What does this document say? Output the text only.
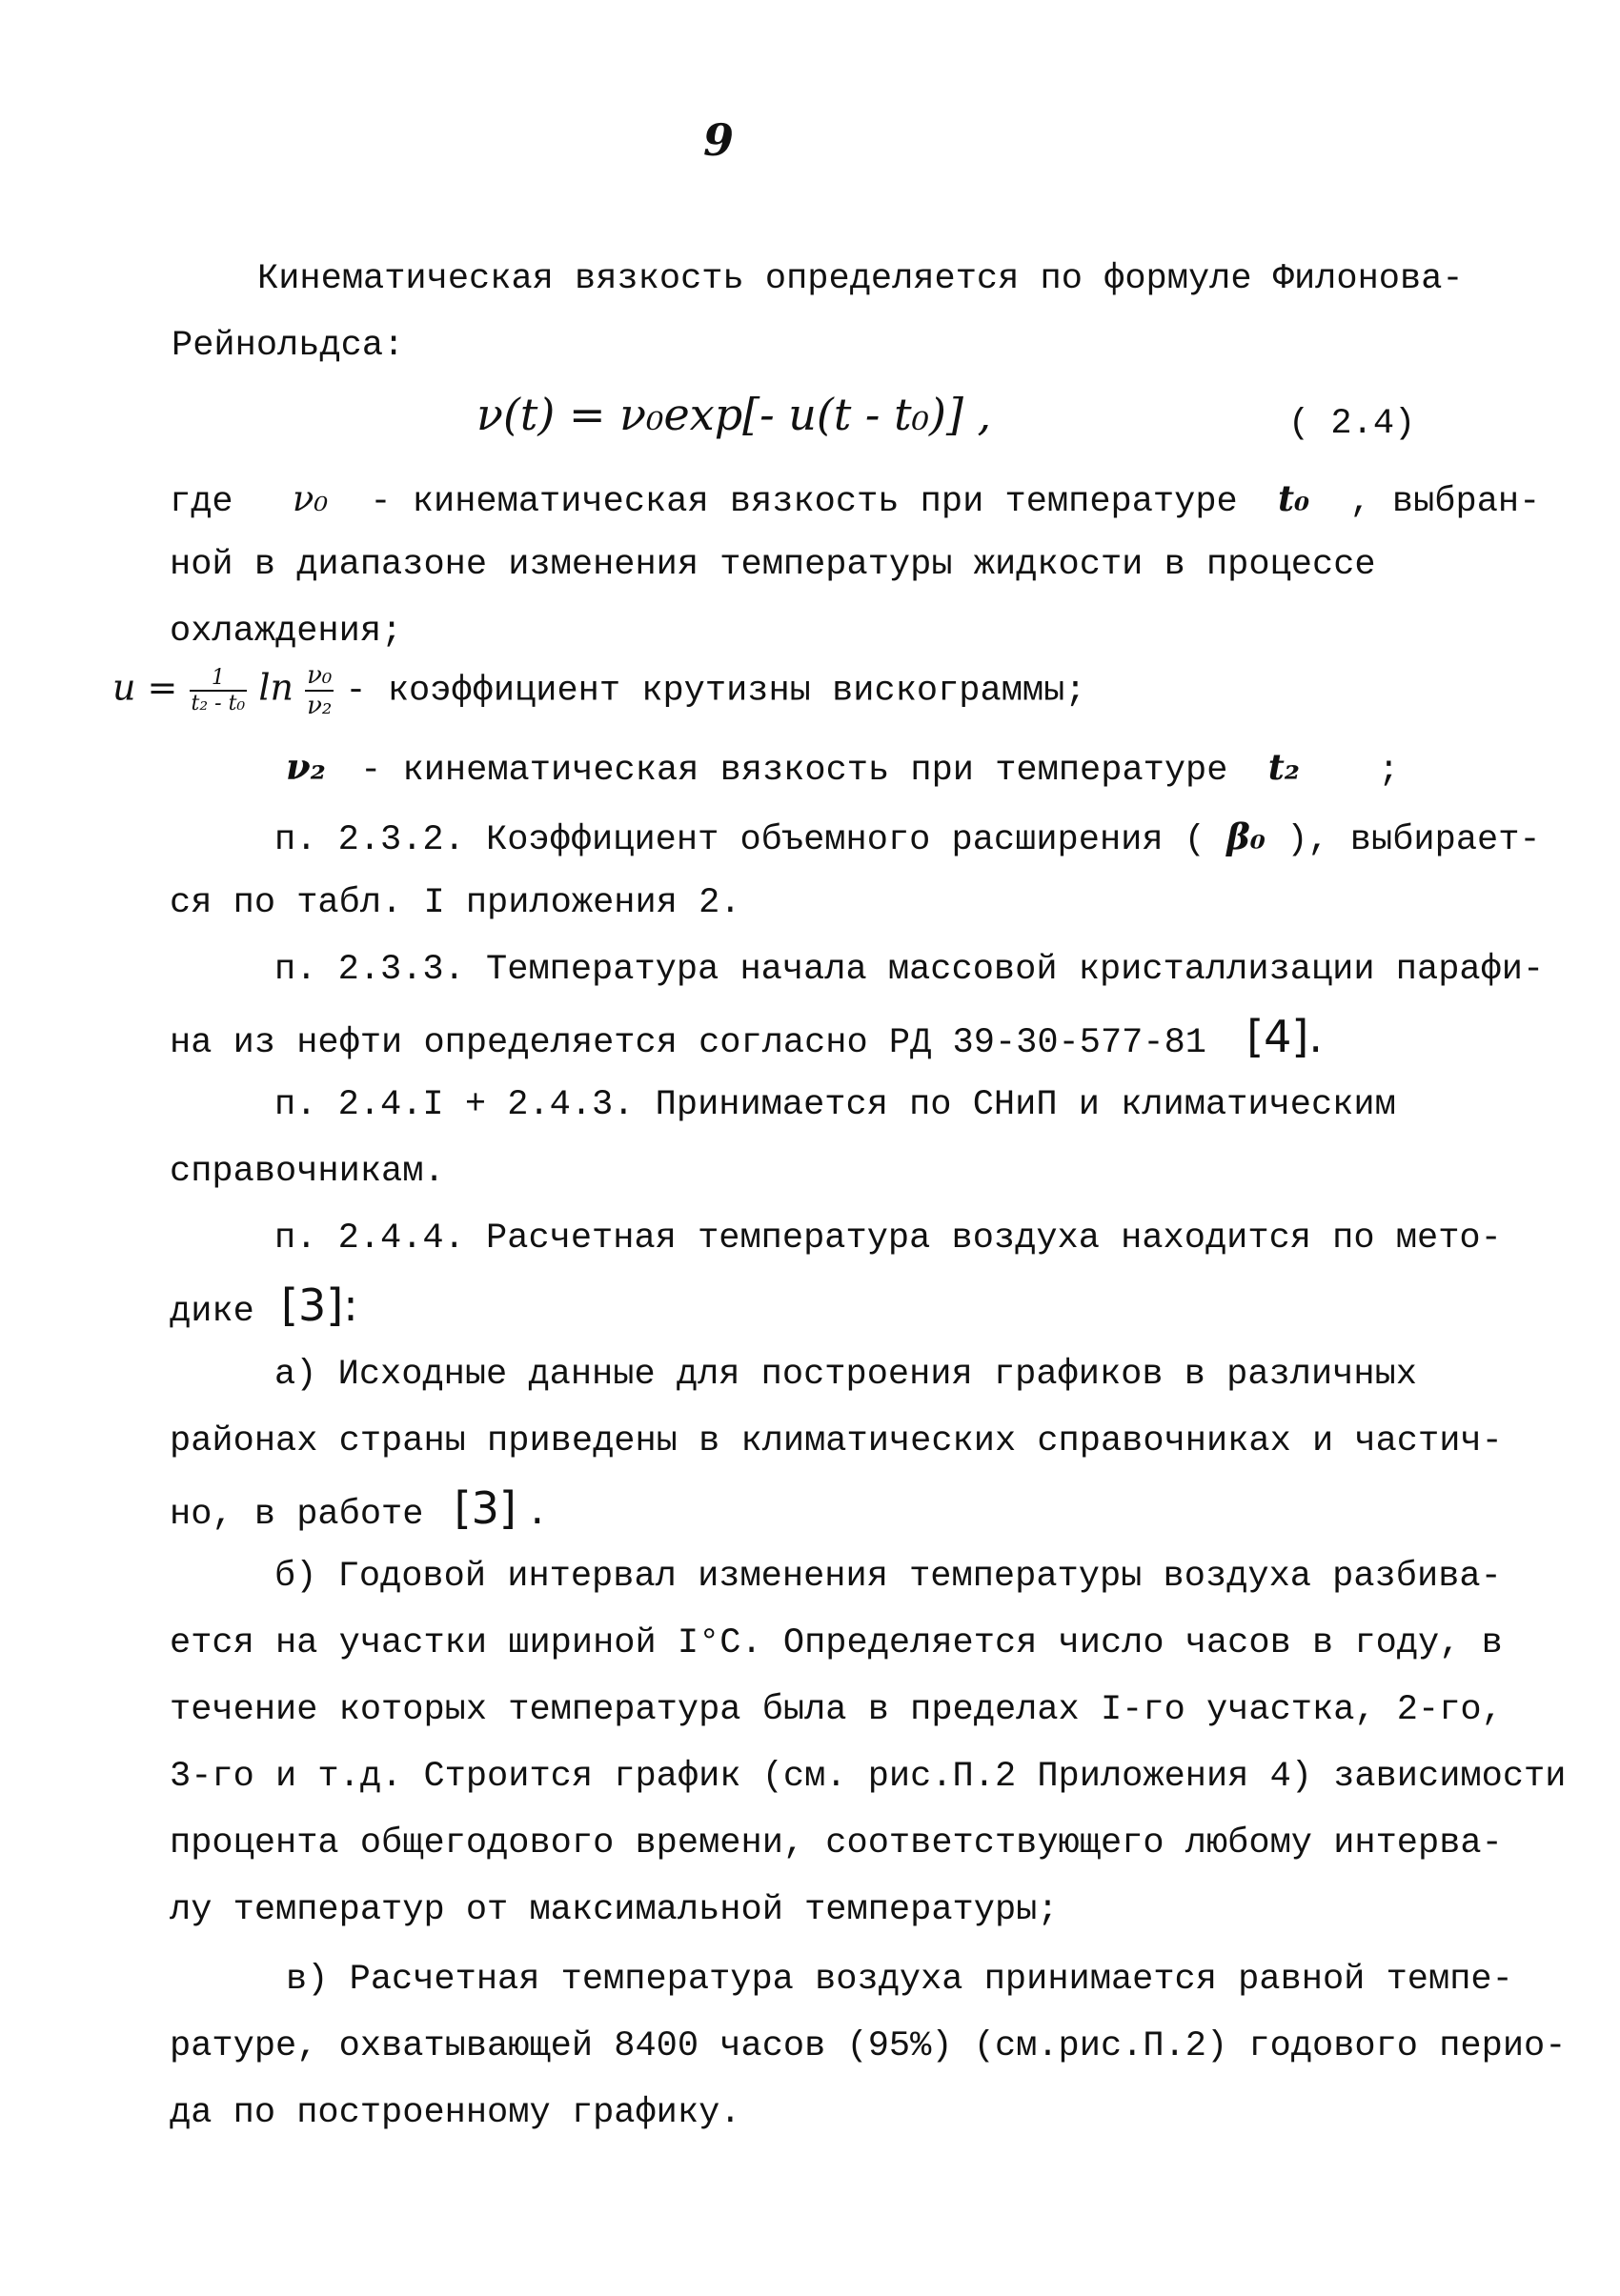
9
Кинематическая вязкость определяется по формуле Филонова-
Рейнольдса:
ν(t) = ν₀exp[- u(t - t₀)] ,	( 2.4)
где ν₀ - кинематическая вязкость при температуре t₀ , выбран-
ной в диапазоне изменения температуры жидкости в процессе
охлаждения;
$u = \frac{1}{\text{t₂ - t₀}}$ $\ln \frac{\text{ν₀}}{\text{ν₂}}$ - коэффициент крутизны вискограммы;
ν₂ - кинематическая вязкость при температуре t₂ ;
п. 2.3.2. Коэффициент объемного расширения ( β₀ ), выбирает-
ся по табл. I приложения 2.
п. 2.3.3. Температура начала массовой кристаллизации парафи-
на из нефти определяется согласно РД 39-30-577-81 [4].
п. 2.4.I + 2.4.3. Принимается по СНиП и климатическим
справочникам.
п. 2.4.4. Расчетная температура воздуха находится по мето-
дике [3]:
а) Исходные данные для построения графиков в различных
районах страны приведены в климатических справочниках и частич-
но, в работе [3] .
б) Годовой интервал изменения температуры воздуха разбива-
ется на участки шириной I°C. Определяется число часов в году, в
течение которых температура была в пределах I-го участка, 2-го,
3-го и т.д. Строится график (см. рис.П.2 Приложения 4) зависимости
процента общегодового времени, соответствующего любому интерва-
лу температур от максимальной температуры;
в) Расчетная температура воздуха принимается равной темпе-
ратуре, охватывающей 8400 часов (95%) (см.рис.П.2) годового перио-
да по построенному графику.
